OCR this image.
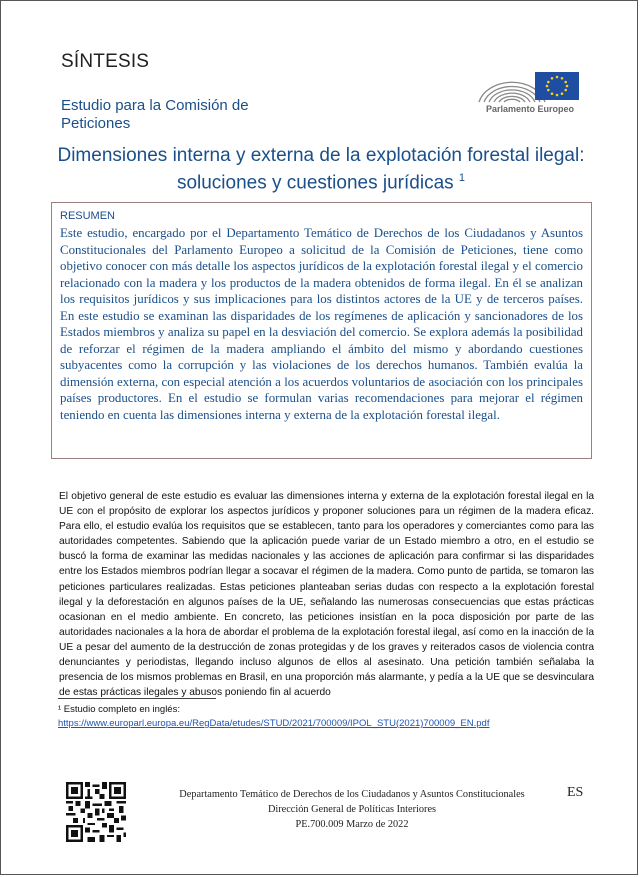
SÍNTESIS
Estudio para la Comisión de Peticiones
Parlamento Europeo
Dimensiones interna y externa de la explotación forestal ilegal: soluciones y cuestiones jurídicas $^1$
RESUMEN
Este estudio, encargado por el Departamento Temático de Derechos de los Ciudadanos y Asuntos Constitucionales del Parlamento Europeo a solicitud de la Comisión de Peticiones, tiene como objetivo conocer con más detalle los aspectos jurídicos de la explotación forestal ilegal y el comercio relacionado con la madera y los productos de la madera obtenidos de forma ilegal. En él se analizan los requisitos jurídicos y sus implicaciones para los distintos actores de la UE y de terceros países. En este estudio se examinan las disparidades de los regímenes de aplicación y sancionadores de los Estados miembros y analiza su papel en la desviación del comercio. Se explora además la posibilidad de reforzar el régimen de la madera ampliando el ámbito del mismo y abordando cuestiones subyacentes como la corrupción y las violaciones de los derechos humanos. También evalúa la dimensión externa, con especial atención a los acuerdos voluntarios de asociación con los principales países productores. En el estudio se formulan varias recomendaciones para mejorar el régimen teniendo en cuenta las dimensiones interna y externa de la explotación forestal ilegal.
El objetivo general de este estudio es evaluar las dimensiones interna y externa de la explotación forestal ilegal en la UE con el propósito de explorar los aspectos jurídicos y proponer soluciones para un régimen de la madera eficaz. Para ello, el estudio evalúa los requisitos que se establecen, tanto para los operadores y comerciantes como para las autoridades competentes. Sabiendo que la aplicación puede variar de un Estado miembro a otro, en el estudio se buscó la forma de examinar las medidas nacionales y las acciones de aplicación para confirmar si las disparidades entre los Estados miembros podrían llegar a socavar el régimen de la madera. Como punto de partida, se tomaron las peticiones particulares realizadas. Estas peticiones planteaban serias dudas con respecto a la explotación forestal ilegal y la deforestación en algunos países de la UE, señalando las numerosas consecuencias que estas prácticas ocasionan en el medio ambiente. En concreto, las peticiones insistían en la poca disposición por parte de las autoridades nacionales a la hora de abordar el problema de la explotación forestal ilegal, así como en la inacción de la UE a pesar del aumento de la destrucción de zonas protegidas y de los graves y reiterados casos de violencia contra denunciantes y periodistas, llegando incluso algunos de ellos al asesinato. Una petición también señalaba la presencia de los mismos problemas en Brasil, en una proporción más alarmante, y pedía a la UE que se desvinculara de estas prácticas ilegales y abusos poniendo fin al acuerdo
¹ Estudio completo en inglés:
https://www.europarl.europa.eu/RegData/etudes/STUD/2021/700009/IPOL_STU(2021)700009_EN.pdf
Departamento Temático de Derechos de los Ciudadanos y Asuntos Constitucionales
Dirección General de Políticas Interiores
PE.700.009 Marzo de 2022
ES
